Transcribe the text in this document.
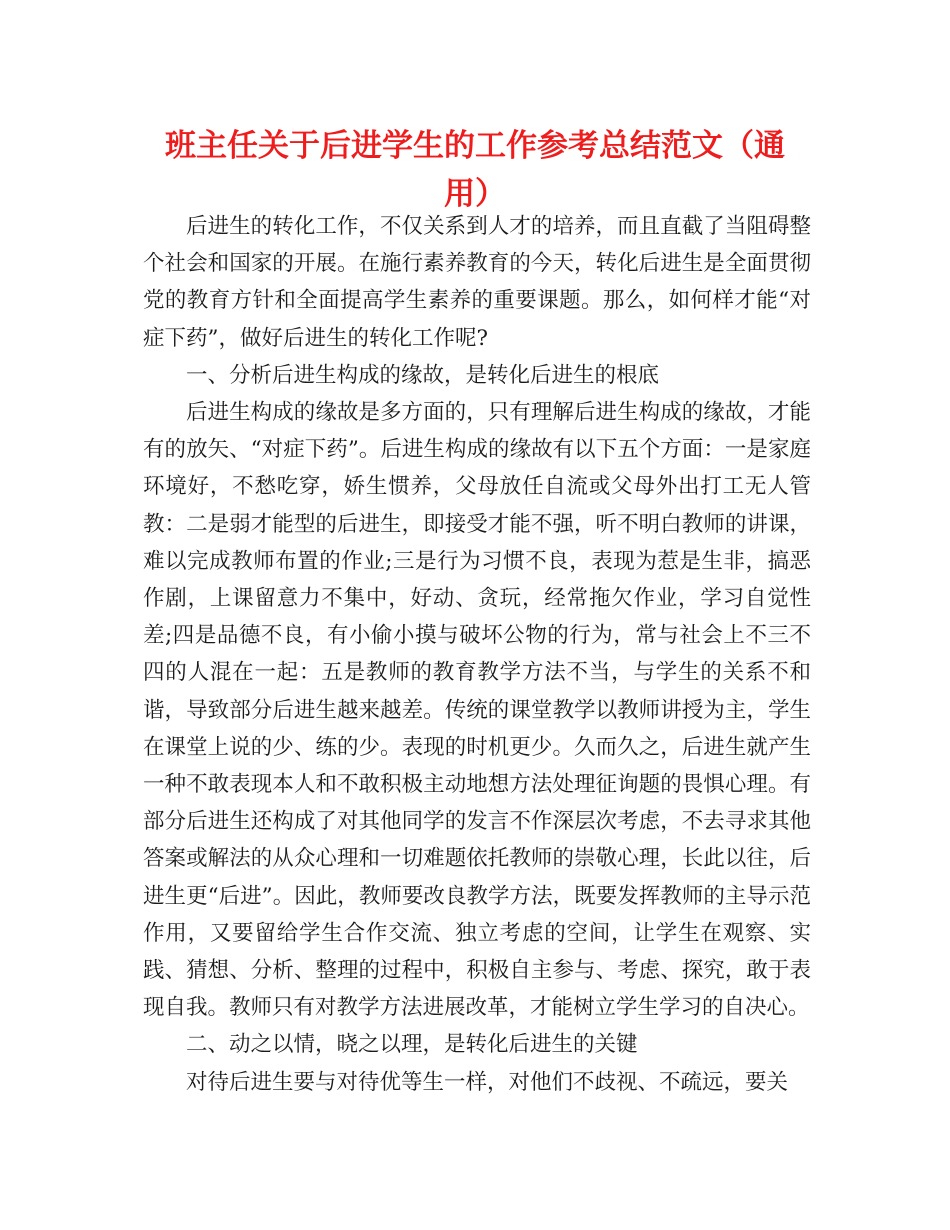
班主任关于后进学生的工作参考总结范文（通用）

后进生的转化工作，不仅关系到人才的培养，而且直截了当阻碍整个社会和国家的开展。在施行素养教育的今天，转化后进生是全面贯彻党的教育方针和全面提高学生素养的重要课题。那么，如何样才能“对症下药”，做好后进生的转化工作呢?

一、分析后进生构成的缘故，是转化后进生的根底

后进生构成的缘故是多方面的，只有理解后进生构成的缘故，才能有的放矢、“对症下药”。后进生构成的缘故有以下五个方面：一是家庭环境好，不愁吃穿，娇生惯养，父母放任自流或父母外出打工无人管教：二是弱才能型的后进生，即接受才能不强，听不明白教师的讲课，难以完成教师布置的作业;三是行为习惯不良，表现为惹是生非，搞恶作剧，上课留意力不集中，好动、贪玩，经常拖欠作业，学习自觉性差;四是品德不良，有小偷小摸与破坏公物的行为，常与社会上不三不四的人混在一起：五是教师的教育教学方法不当，与学生的关系不和谐，导致部分后进生越来越差。传统的课堂教学以教师讲授为主，学生在课堂上说的少、练的少。表现的时机更少。久而久之，后进生就产生一种不敢表现本人和不敢积极主动地想方法处理征询题的畏惧心理。有部分后进生还构成了对其他同学的发言不作深层次考虑，不去寻求其他答案或解法的从众心理和一切难题依托教师的崇敬心理，长此以往，后进生更“后进”。因此，教师要改良教学方法，既要发挥教师的主导示范作用，又要留给学生合作交流、独立考虑的空间，让学生在观察、实践、猜想、分析、整理的过程中，积极自主参与、考虑、探究，敢于表现自我。教师只有对教学方法进展改革，才能树立学生学习的自决心。

二、动之以情，晓之以理，是转化后进生的关键

对待后进生要与对待优等生一样，对他们不歧视、不疏远，要关
